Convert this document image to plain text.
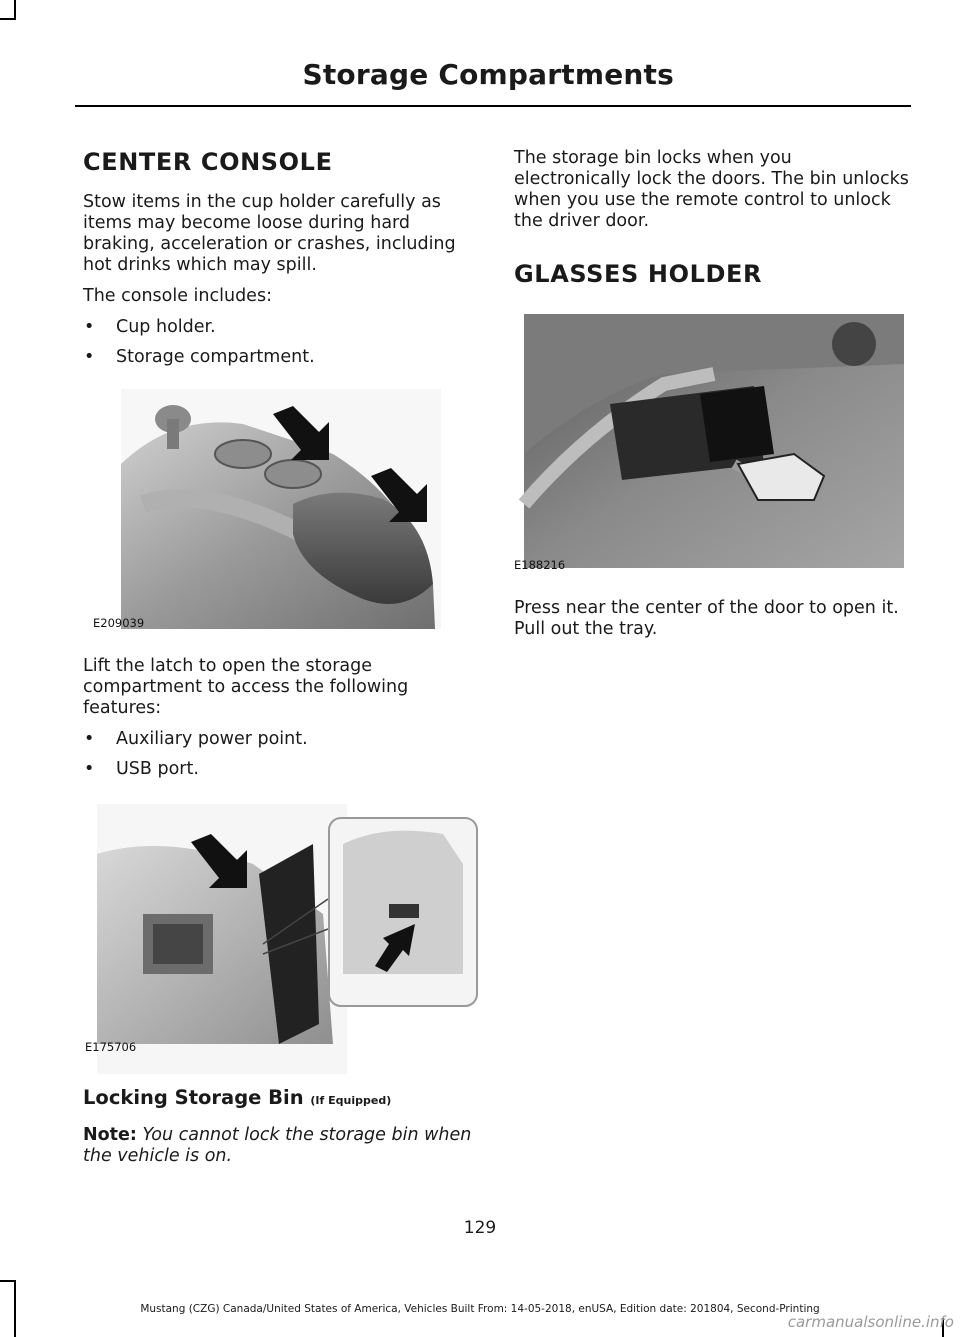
Storage Compartments
CENTER CONSOLE

Stow items in the cup holder carefully as items may become loose during hard braking, acceleration or crashes, including hot drinks which may spill.

The console includes:

• Cup holder.
• Storage compartment.
E209039

Lift the latch to open the storage compartment to access the following features:

• Auxiliary power point.
• USB port.
E175706
Locking Storage Bin (If Equipped)

Note: You cannot lock the storage bin when the vehicle is on.

The storage bin locks when you electronically lock the doors. The bin unlocks when you use the remote control to unlock the driver door.

GLASSES HOLDER
E188216

Press near the center of the door to open it. Pull out the tray.

129
Mustang (CZG) Canada/United States of America, Vehicles Built From: 14-05-2018, enUSA, Edition date: 201804, Second-Printing
carmanualsonline.info
